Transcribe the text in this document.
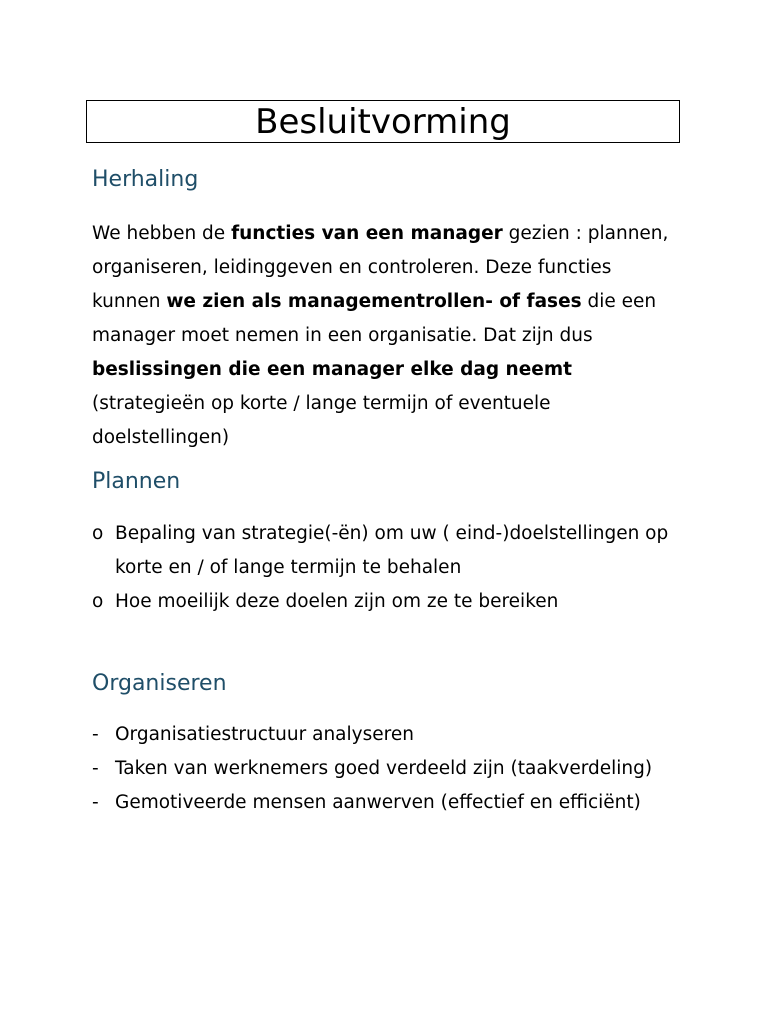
Besluitvorming
Herhaling

We hebben de functies van een manager gezien : plannen, organiseren, leidinggeven en controleren. Deze functies kunnen we zien als managementrollen- of fases die een manager moet nemen in een organisatie. Dat zijn dus beslissingen die een manager elke dag neemt (strategieën op korte / lange termijn of eventuele doelstellingen)

Plannen
o Bepaling van strategie(-ën) om uw ( eind-)doelstellingen op korte en / of lange termijn te behalen
o Hoe moeilijk deze doelen zijn om ze te bereiken
Organiseren
- Organisatiestructuur analyseren
- Taken van werknemers goed verdeeld zijn (taakverdeling)
- Gemotiveerde mensen aanwerven (effectief en efficiënt)
